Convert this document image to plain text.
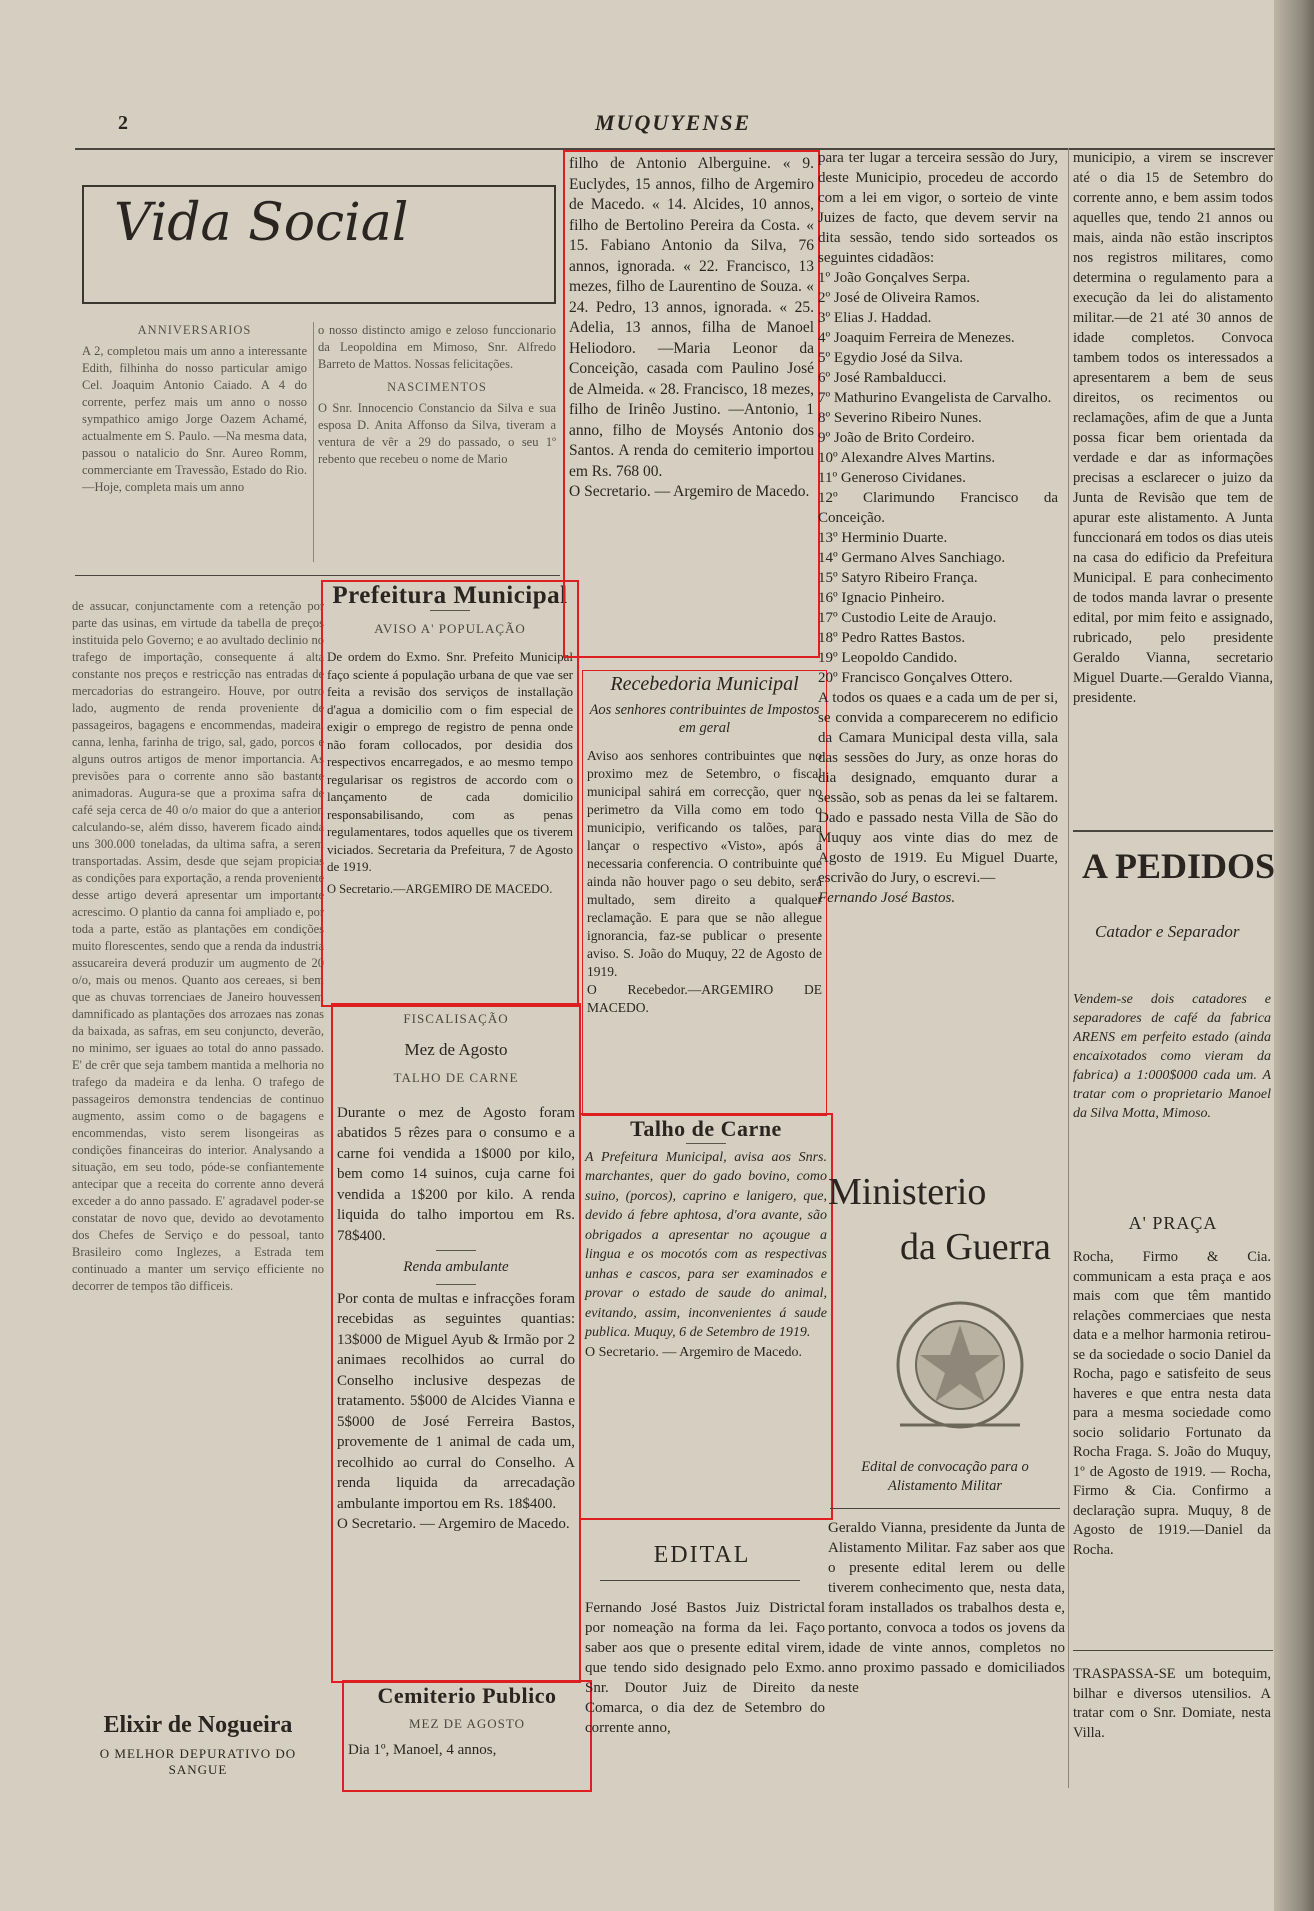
2	MUQUYENSE
Vida Social
ANNIVERSARIOS

A 2, completou mais um anno a interessante Edith, filhinha do nosso particular amigo Cel. Joaquim Antonio Caiado. A 4 do corrente, perfez mais um anno o nosso sympathico amigo Jorge Oazem Achamé, actualmente em S. Paulo. —Na mesma data, passou o natalicio do Snr. Aureo Romm, commerciante em Travessão, Estado do Rio. —Hoje, completa mais um anno

o nosso distincto amigo e zeloso funccionario da Leopoldina em Mimoso, Snr. Alfredo Barreto de Mattos. Nossas felicitações.

NASCIMENTOS

O Snr. Innocencio Constancio da Silva e sua esposa D. Anita Affonso da Silva, tiveram a ventura de vêr a 29 do passado, o seu 1º rebento que recebeu o nome de Mario

de assucar, conjunctamente com a retenção por parte das usinas, em virtude da tabella de preços instituida pelo Governo; e ao avultado declinio no trafego de importação, consequente á alta constante nos preços e restricção nas entradas de mercadorias do estrangeiro. Houve, por outro lado, augmento de renda proveniente de passageiros, bagagens e encommendas, madeira, canna, lenha, farinha de trigo, sal, gado, porcos e alguns outros artigos de menor importancia. As previsões para o corrente anno são bastante animadoras. Augura-se que a proxima safra de café seja cerca de 40 o/o maior do que a anterior, calculando-se, além disso, haverem ficado ainda uns 300.000 toneladas, da ultima safra, a serem transportadas. Assim, desde que sejam propicias as condições para exportação, a renda proveniente desse artigo deverá apresentar um importante acrescimo. O plantio da canna foi ampliado e, por toda a parte, estão as plantações em condições muito florescentes, sendo que a renda da industria assucareira deverá produzir um augmento de 20 o/o, mais ou menos. Quanto aos cereaes, si bem que as chuvas torrenciaes de Janeiro houvessem damnificado as plantações dos arrozaes nas zonas da baixada, as safras, em seu conjuncto, deverão, no minimo, ser iguaes ao total do anno passado. E' de crêr que seja tambem mantida a melhoria no trafego da madeira e da lenha. O trafego de passageiros demonstra tendencias de continuo augmento, assim como o de bagagens e encommendas, visto serem lisongeiras as condições financeiras do interior. Analysando a situação, em seu todo, póde-se confiantemente antecipar que a receita do corrente anno deverá exceder a do anno passado. E' agradavel poder-se constatar de novo que, devido ao devotamento dos Chefes de Serviço e do pessoal, tanto Brasileiro como Inglezes, a Estrada tem continuado a manter um serviço efficiente no decorrer de tempos tão difficeis.
Elixir de Nogueira
O MELHOR DEPURATIVO DO SANGUE
Prefeitura Municipal
AVISO A' POPULAÇÃO

De ordem do Exmo. Snr. Prefeito Municipal faço sciente á população urbana de que vae ser feita a revisão dos serviços de installação d'agua a domicilio com o fim especial de exigir o emprego de registro de penna onde não foram collocados, por desidia dos respectivos encarregados, e ao mesmo tempo regularisar os registros de accordo com o lançamento de cada domicilio responsabilisando, com as penas regulamentares, todos aquelles que os tiverem viciados. Secretaria da Prefeitura, 7 de Agosto de 1919.

O Secretario.—ARGEMIRO DE MACEDO.

FISCALISAÇÃO
Mez de Agosto
TALHO DE CARNE

Durante o mez de Agosto foram abatidos 5 rêzes para o consumo e a carne foi vendida a 1$000 por kilo, bem como 14 suinos, cuja carne foi vendida a 1$200 por kilo. A renda liquida do talho importou em Rs. 78$400.

Renda ambulante

Por conta de multas e infracções foram recebidas as seguintes quantias: 13$000 de Miguel Ayub & Irmão por 2 animaes recolhidos ao curral do Conselho inclusive despezas de tratamento. 5$000 de Alcides Vianna e 5$000 de José Ferreira Bastos, provemente de 1 animal de cada um, recolhido ao curral do Conselho. A renda liquida da arrecadação ambulante importou em Rs. 18$400.

O Secretario. — Argemiro de Macedo.

Cemiterio Publico
MEZ DE AGOSTO

Dia 1º, Manoel, 4 annos,

filho de Antonio Alberguine. « 9. Euclydes, 15 annos, filho de Argemiro de Macedo. « 14. Alcides, 10 annos, filho de Bertolino Pereira da Costa. « 15. Fabiano Antonio da Silva, 76 annos, ignorada. « 22. Francisco, 13 mezes, filho de Laurentino de Souza. « 24. Pedro, 13 annos, ignorada. « 25. Adelia, 13 annos, filha de Manoel Heliodoro. —Maria Leonor da Conceição, casada com Paulino José de Almeida. « 28. Francisco, 18 mezes, filho de Irinêo Justino. —Antonio, 1 anno, filho de Moysés Antonio dos Santos. A renda do cemiterio importou em Rs. 768 00.

O Secretario. — Argemiro de Macedo.

Recebedoria Municipal
Aos senhores contribuintes de Impostos em geral

Aviso aos senhores contribuintes que no proximo mez de Setembro, o fiscal municipal sahirá em correcção, quer no perimetro da Villa como em todo o municipio, verificando os talões, para lançar o respectivo «Visto», após a necessaria conferencia. O contribuinte que ainda não houver pago o seu debito, será multado, sem direito a qualquer reclamação. E para que se não allegue ignorancia, faz-se publicar o presente aviso. S. João do Muquy, 22 de Agosto de 1919.

O Recebedor.—ARGEMIRO DE MACEDO.

Talho de Carne

A Prefeitura Municipal, avisa aos Snrs. marchantes, quer do gado bovino, como suino, (porcos), caprino e lanigero, que, devido á febre aphtosa, d'ora avante, são obrigados a apresentar no açougue a lingua e os mocotós com as respectivas unhas e cascos, para ser examinados e provar o estado de saude do animal, evitando, assim, inconvenientes á saude publica. Muquy, 6 de Setembro de 1919.

O Secretario. — Argemiro de Macedo.

EDITAL
Fernando José Bastos Juiz Districtal por nomeação na forma da lei. Faço saber aos que o presente edital virem, que tendo sido designado pelo Exmo. Snr. Doutor Juiz de Direito da Comarca, o dia dez de Setembro do corrente anno,

para ter lugar a terceira sessão do Jury, deste Municipio, procedeu de accordo com a lei em vigor, o sorteio de vinte Juizes de facto, que devem servir na dita sessão, tendo sido sorteados os seguintes cidadãos:

1º João Gonçalves Serpa.

2º José de Oliveira Ramos.

3º Elias J. Haddad.

4º Joaquim Ferreira de Menezes.

5º Egydio José da Silva.

6º José Rambalducci.

7º Mathurino Evangelista de Carvalho.

8º Severino Ribeiro Nunes.

9º João de Brito Cordeiro.

10º Alexandre Alves Martins.

11º Generoso Cividanes.

12º Clarimundo Francisco da Conceição.

13º Herminio Duarte.

14º Germano Alves Sanchiago.

15º Satyro Ribeiro França.

16º Ignacio Pinheiro.

17º Custodio Leite de Araujo.

18º Pedro Rattes Bastos.

19º Leopoldo Candido.

20º Francisco Gonçalves Ottero.

A todos os quaes e a cada um de per si, se convida a comparecerem no edificio da Camara Municipal desta villa, sala das sessões do Jury, as onze horas do dia designado, emquanto durar a sessão, sob as penas da lei se faltarem. Dado e passado nesta Villa de São do Muquy aos vinte dias do mez de Agosto de 1919. Eu Miguel Duarte, escrivão do Jury, o escrevi.—

Fernando José Bastos.

Ministerio
da Guerra
Edital de convocação para o Alistamento Militar
Geraldo Vianna, presidente da Junta de Alistamento Militar. Faz saber aos que o presente edital lerem ou delle tiverem conhecimento que, nesta data, foram installados os trabalhos desta e, portanto, convoca a todos os jovens da idade de vinte annos, completos no anno proximo passado e domiciliados neste
municipio, a virem se inscrever até o dia 15 de Setembro do corrente anno, e bem assim todos aquelles que, tendo 21 annos ou mais, ainda não estão inscriptos nos registros militares, como determina o regulamento para a execução da lei do alistamento militar.—de 21 até 30 annos de idade completos. Convoca tambem todos os interessados a apresentarem a bem de seus direitos, os recimentos ou reclamações, afim de que a Junta possa ficar bem orientada da verdade e dar as informações precisas a esclarecer o juizo da Junta de Revisão que tem de apurar este alistamento. A Junta funccionará em todos os dias uteis na casa do edificio da Prefeitura Municipal. E para conhecimento de todos manda lavrar o presente edital, por mim feito e assignado, rubricado, pelo presidente Geraldo Vianna, secretario Miguel Duarte.—Geraldo Vianna, presidente.
A PEDIDOS
Catador e Separador
Vendem-se dois catadores e separadores de café da fabrica ARENS em perfeito estado (ainda encaixotados como vieram da fabrica) a 1:000$000 cada um. A tratar com o proprietario Manoel da Silva Motta, Mimoso.
A' PRAÇA
Rocha, Firmo & Cia. communicam a esta praça e aos mais com que têm mantido relações commerciaes que nesta data e a melhor harmonia retirou-se da sociedade o socio Daniel da Rocha, pago e satisfeito de seus haveres e que entra nesta data para a mesma sociedade como socio solidario Fortunato da Rocha Fraga. S. João do Muquy, 1º de Agosto de 1919. — Rocha, Firmo & Cia. Confirmo a declaração supra. Muquy, 8 de Agosto de 1919.—Daniel da Rocha.
TRASPASSA-SE um botequim, bilhar e diversos utensilios. A tratar com o Snr. Domiate, nesta Villa.
